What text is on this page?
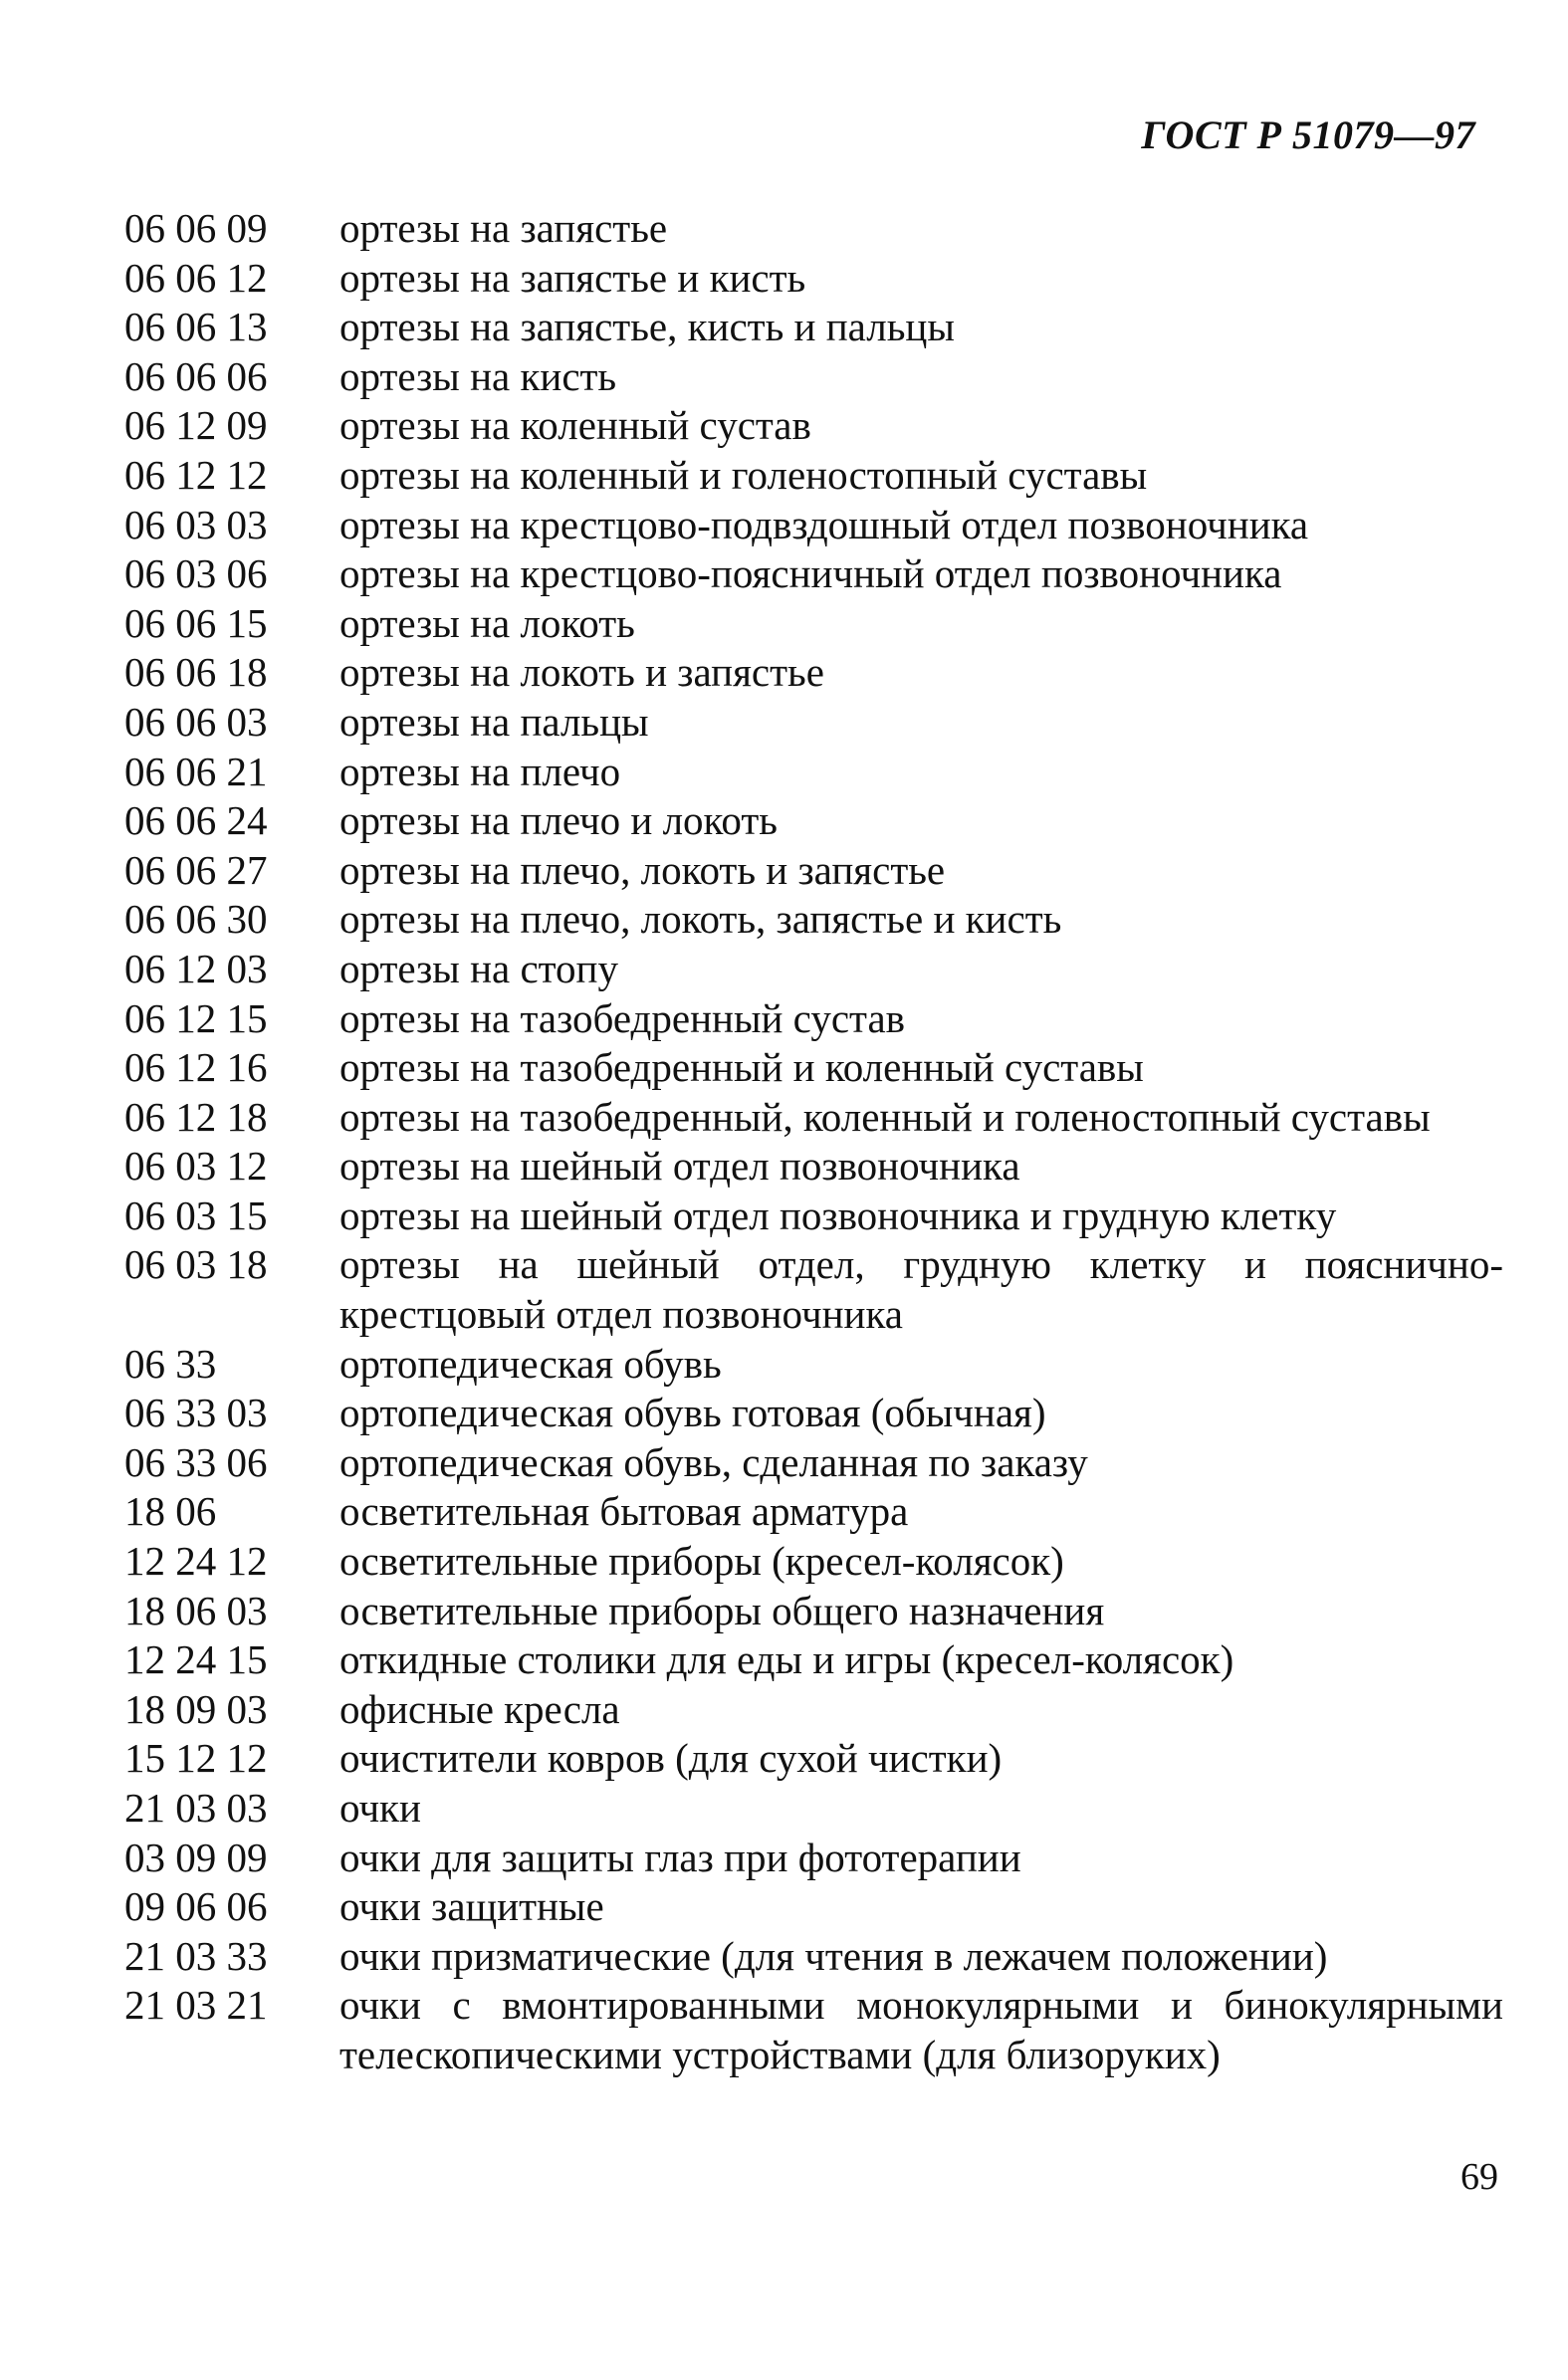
ГОСТ Р 51079—97
06 06 09	ортезы на запястье
06 06 12	ортезы на запястье и кисть
06 06 13	ортезы на запястье, кисть и пальцы
06 06 06	ортезы на кисть
06 12 09	ортезы на коленный сустав
06 12 12	ортезы на коленный и голеностопный суставы
06 03 03	ортезы на крестцово-подвздошный отдел позвоночника
06 03 06	ортезы на крестцово-поясничный отдел позвоночника
06 06 15	ортезы на локоть
06 06 18	ортезы на локоть и запястье
06 06 03	ортезы на пальцы
06 06 21	ортезы на плечо
06 06 24	ортезы на плечо и локоть
06 06 27	ортезы на плечо, локоть и запястье
06 06 30	ортезы на плечо, локоть, запястье и кисть
06 12 03	ортезы на стопу
06 12 15	ортезы на тазобедренный сустав
06 12 16	ортезы на тазобедренный и коленный суставы
06 12 18	ортезы на тазобедренный, коленный и голеностопный суставы
06 03 12	ортезы на шейный отдел позвоночника
06 03 15	ортезы на шейный отдел позвоночника и грудную клетку
06 03 18	ортезы на шейный отдел, грудную клетку и пояснично-крестцовый отдел позвоночника
06 33	ортопедическая обувь
06 33 03	ортопедическая обувь готовая (обычная)
06 33 06	ортопедическая обувь, сделанная по заказу
18 06	осветительная бытовая арматура
12 24 12	осветительные приборы (кресел-колясок)
18 06 03	осветительные приборы общего назначения
12 24 15	откидные столики для еды и игры (кресел-колясок)
18 09 03	офисные кресла
15 12 12	очистители ковров (для сухой чистки)
21 03 03	очки
03 09 09	очки для защиты глаз при фототерапии
09 06 06	очки защитные
21 03 33	очки призматические (для чтения в лежачем положении)
21 03 21	очки с вмонтированными монокулярными и бинокулярными телескопическими устройствами (для близоруких)
69
